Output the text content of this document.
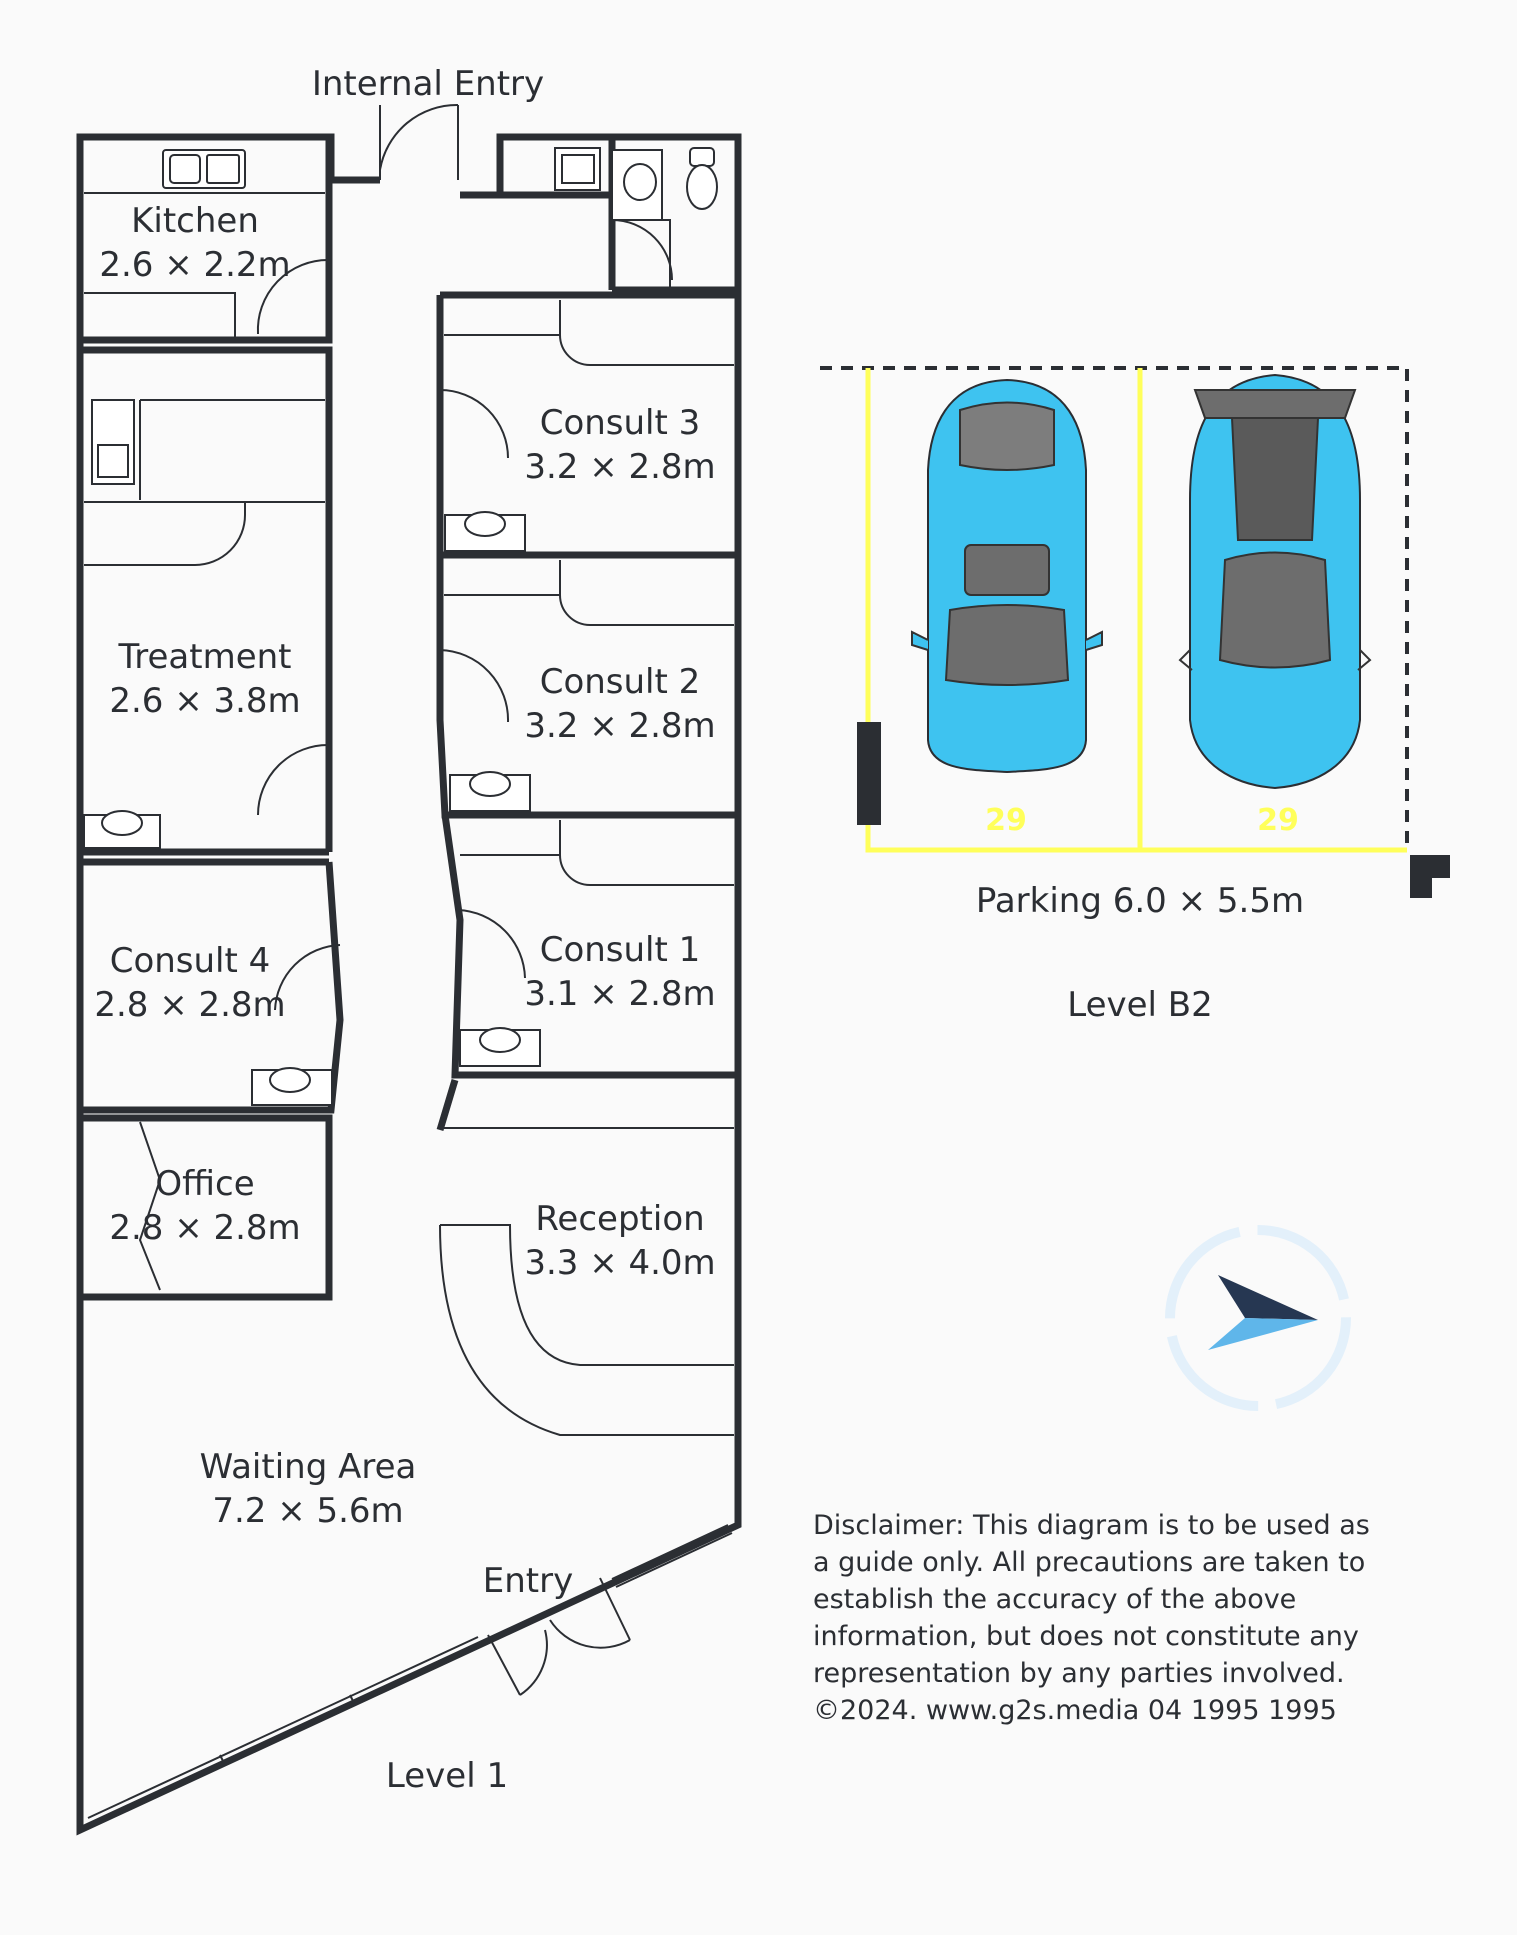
Kitchen
2.6 × 2.2m
Treatment
2.6 × 3.8m
Consult 4
2.8 × 2.8m
Office
2.8 × 2.8m
Consult 3
3.2 × 2.8m
Consult 2
3.2 × 2.8m
Consult 1
3.1 × 2.8m
Reception
3.3 × 4.0m
Waiting Area
7.2 × 5.6m
Internal Entry
Entry
Level 1
29	29
Parking 6.0 × 5.5m
Level B2
Disclaimer: This diagram is to be used as
a guide only. All precautions are taken to
establish the accuracy of the above
information, but does not constitute any
representation by any parties involved.
©2024. www.g2s.media 04 1995 1995
